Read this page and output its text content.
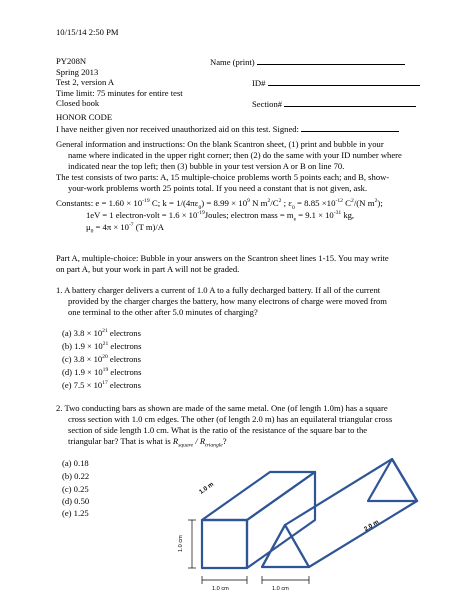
10/15/14 2:50 PM
PY208N
Spring 2013
Test 2, version A
Time limit: 75 minutes for entire test
Closed book
Name (print)
ID#
Section#
HONOR CODE
I have neither given nor received unauthorized aid on this test. Signed:
General information and instructions: On the blank Scantron sheet, (1) print and bubble in your
name where indicated in the upper right corner; then (2) do the same with your ID number where
indicated near the top left; then (3) bubble in your test version A or B on line 70.
The test consists of two parts: A, 15 multiple-choice problems worth 5 points each; and B, show-
your-work problems worth 25 points total. If you need a constant that is not given, ask.
Constants: $e = 1.60 \times 10^{-19}$ C; $k = 1/(4\pi\varepsilon_0) = 8.99 \times 10^9$ N $m^2/C^2$ ; $\varepsilon_0 = 8.85 \times 10^{-12}$ $C^2/(N$ $m^2$);
1eV = 1 electron-volt = $1.6 \times 10^{-19}Joules$; electron mass = $m_e = 9.1 \times 10^{-31}$ kg,
$\mu_0 = 4\pi \times 10^{-7}$ (T m)/A
Part A, multiple-choice: Bubble in your answers on the Scantron sheet lines 1-15. You may write
on part A, but your work in part A will not be graded.
1. A battery charger delivers a current of 1.0 A to a fully decharged battery. If all of the current
provided by the charger charges the battery, how many electrons of charge were moved from
one terminal to the other after 5.0 minutes of charging?
(a) $3.8 \times 10^{21}$ electrons
(b) $1.9 \times 10^{21}$ electrons
(c) $3.8 \times 10^{20}$ electrons
(d) $1.9 \times 10^{19}$ electrons
(e) $7.5 \times 10^{17}$ electrons
2. Two conducting bars as shown are made of the same metal. One (of length 1.0m) has a square
cross section with 1.0 cm edges. The other (of length 2.0 m) has an equilateral triangular cross
section of side length 1.0 cm. What is the ratio of the resistance of the square bar to the
triangular bar? That is what is $R_{square} / R_{triangle}$?
(a) 0.18
(b) 0.22
(c) 0.25
(d) 0.50
(e) 1.25
1.0 m
2.0 m
1.0 cm
1.0 cm	1.0 cm
